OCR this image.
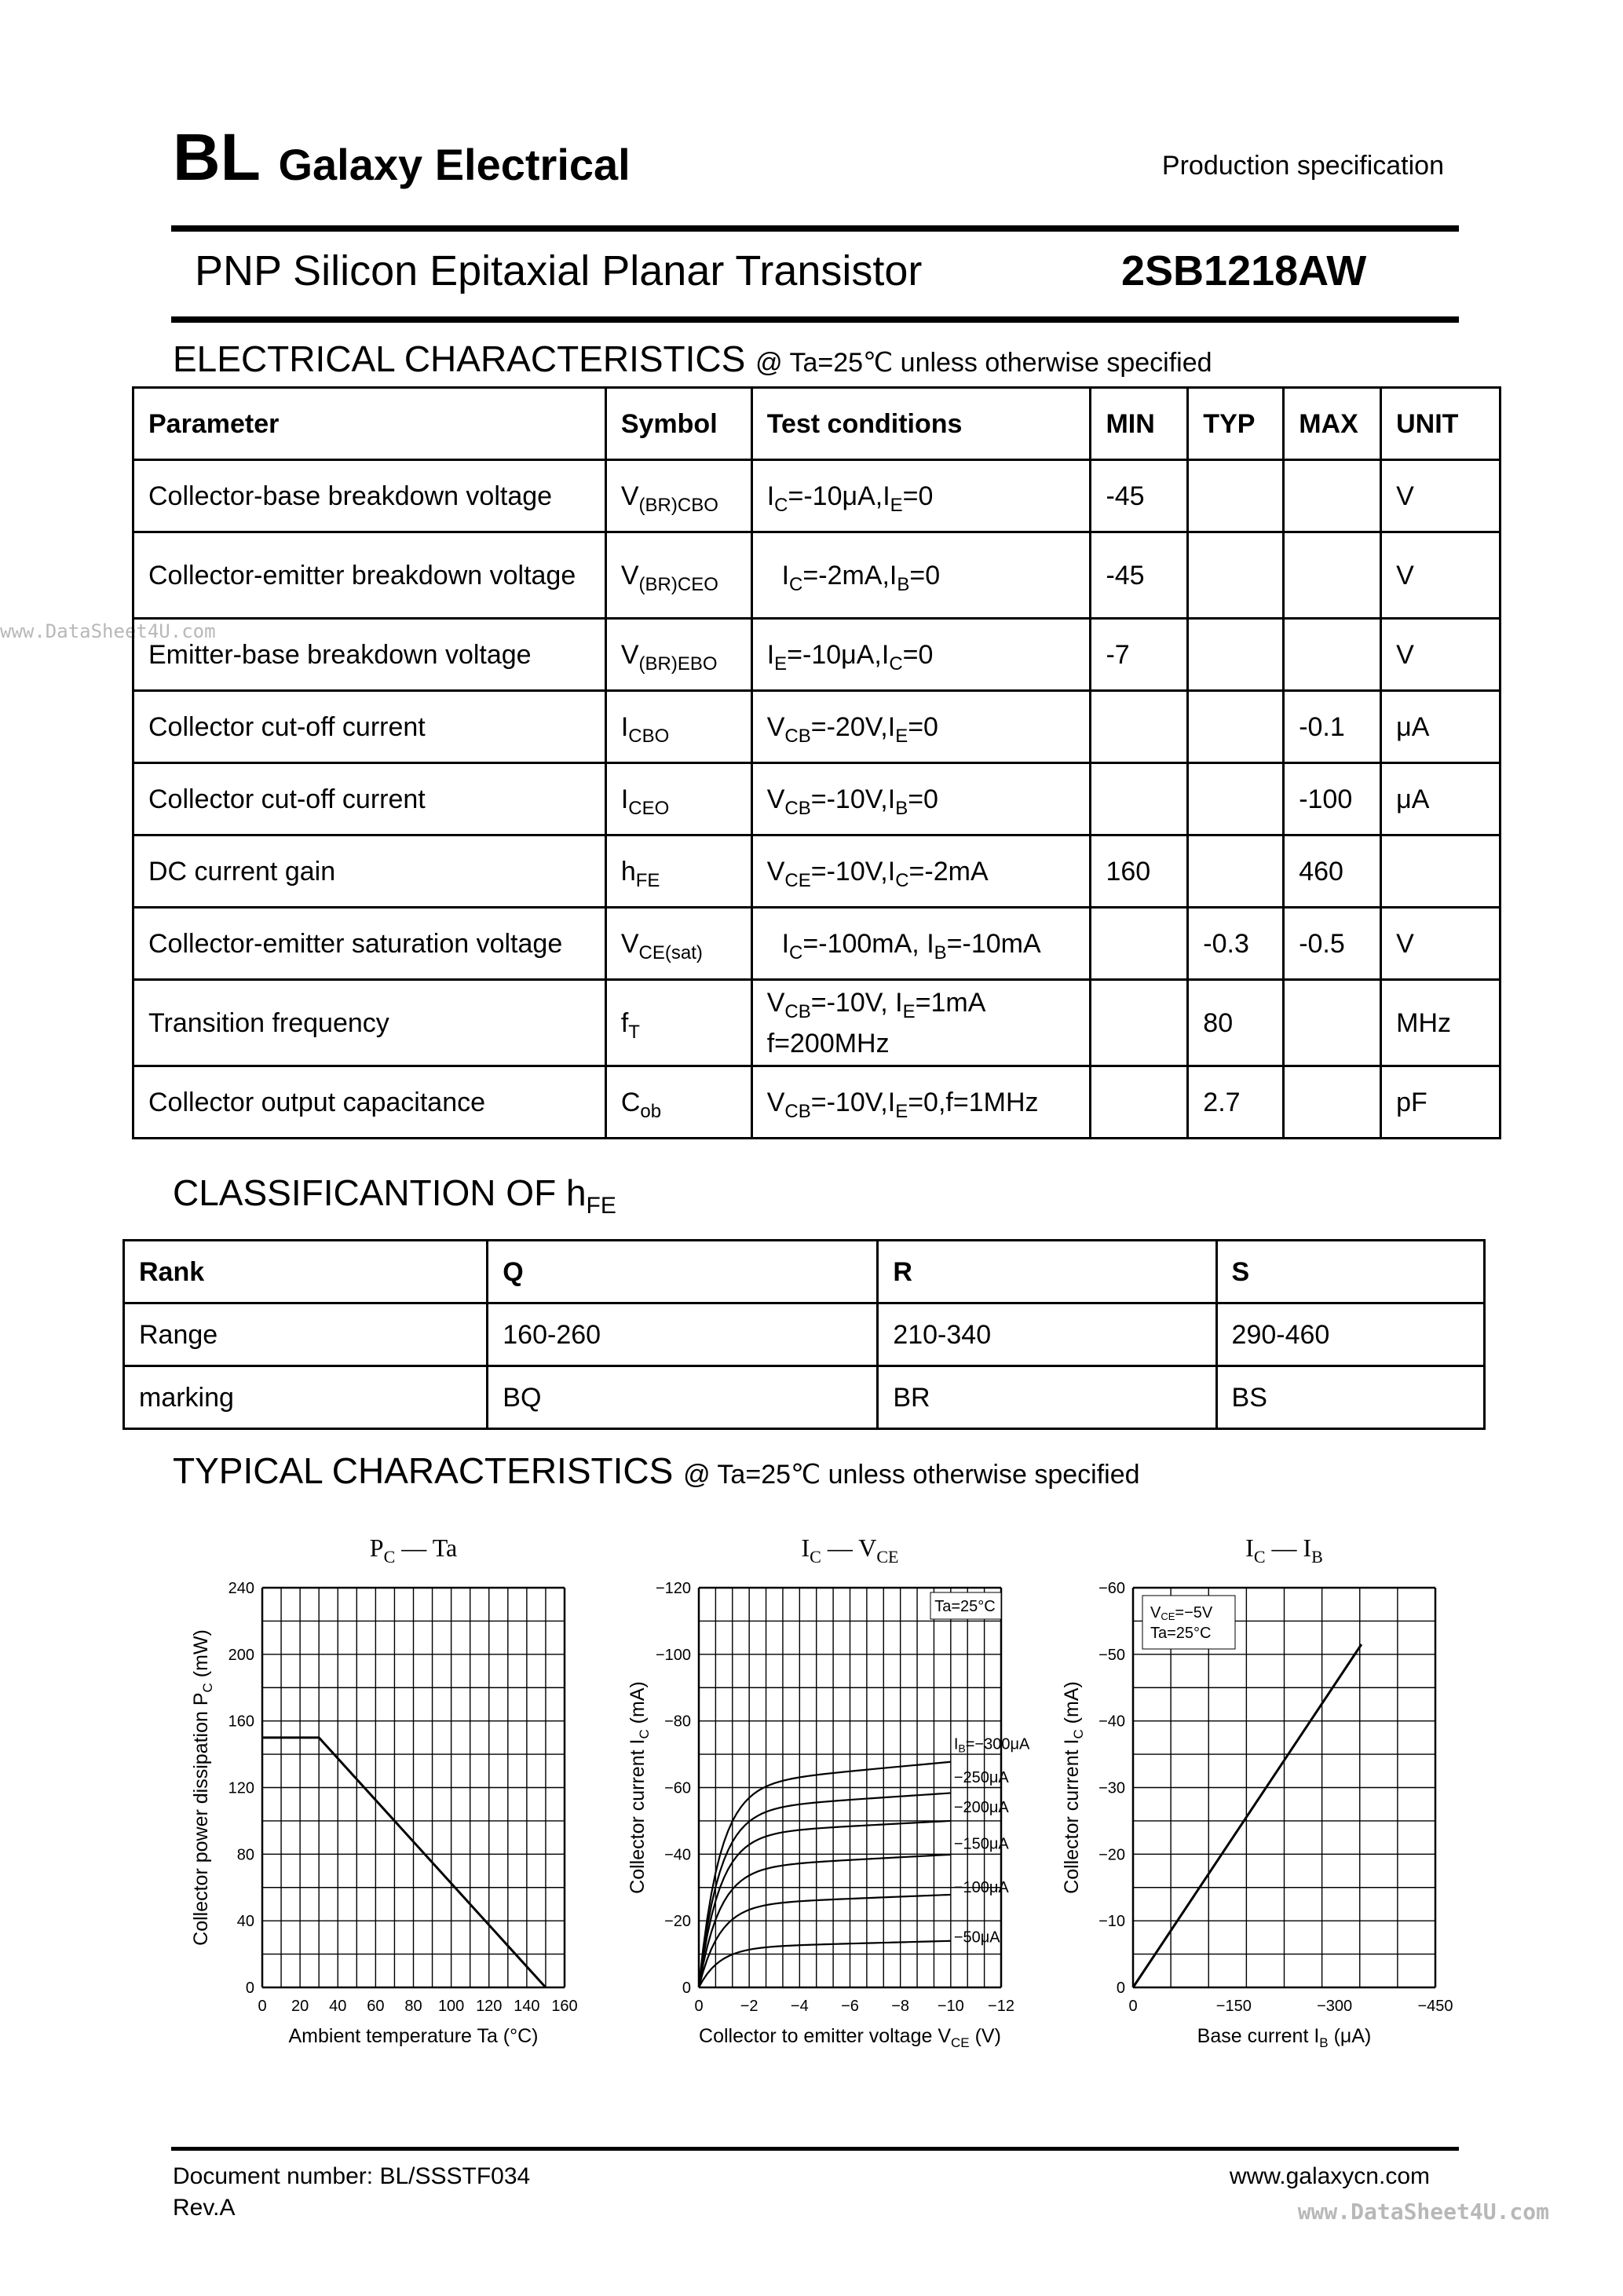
www.DataSheet4U.com
BL Galaxy Electrical	Production specification
PNP Silicon Epitaxial Planar Transistor	2SB1218AW
ELECTRICAL CHARACTERISTICS @ Ta=25℃ unless otherwise specified
Parameter	Symbol	Test conditions	MIN	TYP	MAX	UNIT
Collector-base breakdown voltage	$V_{(BR)CBO}$	$I_C=-10\mu A,I_E=0$	-45			V
Collector-emitter breakdown voltage	$V_{(BR)CEO}$	$I_C=-2mA,I_B=0$	-45			V
Emitter-base breakdown voltage	$V_{(BR)EBO}$	$I_E=-10\mu A,I_C=0$	-7			V
Collector cut-off current	$I_{CBO}$	$V_{CB}=-20V,I_E=0$			-0.1	μA
Collector cut-off current	$I_{CEO}$	$V_{CB}=-10V,I_B=0$			-100	μA
DC current gain	$h_{FE}$	$V_{CE}=-10V,I_C=-2mA$	160		460	
Collector-emitter saturation voltage	$V_{CE(sat)}$	$I_C=-100mA$, $I_B=-10mA$		-0.3	-0.5	V
Transition frequency	$f_T$	$V_{CB}=-10V$, $I_E=1mA$
f=200MHz		80		MHz
Collector output capacitance	$C_{ob}$	$V_{CB}=-10V,I_E=0,f=1MHz$		2.7		pF
CLASSIFICANTION OF $h_{FE}$
Rank	Q	R	S
Range	160-260	210-340	290-460
marking	BQ	BR	BS
TYPICAL CHARACTERISTICS @ Ta=25℃ unless otherwise specified
$P_C$ — Ta
0 20 40 60 80 100 120 140 160
0
40
80
120
160
200
240
Ambient temperature Ta (°C)
Collector power dissipation $P_C$ (mW)
$I_C$ — $V_{CE}$
0 −2 −4 −6 −8 −10 −12
0
−20
−40
−60
−80
−100
−120
Collector to emitter voltage $V_{CE}$ (V)
Collector current $I_C$ (mA)
Ta=25°C
$I_B=-300\mu A$
−250μA
−200μA
−150μA
−100μA
−50μA
$I_C$ — $I_B$
0	−150	−300	−450
0
−10
−20
−30
−40
−50
−60
Base current $I_B$ (μA)
Collector current $I_C$ (mA)
VCE=−5V
Ta=25°C
Document number: BL/SSSTF034
Rev.A
www.galaxycn.com
www.DataSheet4U.com
